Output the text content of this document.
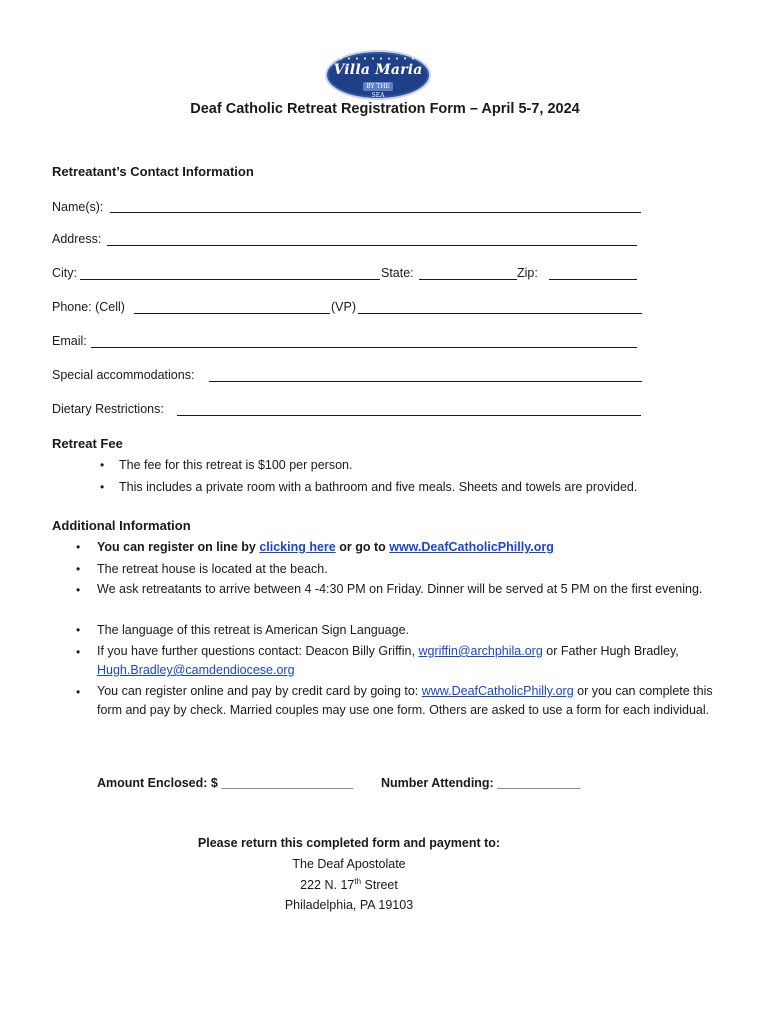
Villa Maria
BY THE SEA
Deaf Catholic Retreat Registration Form – April 5-7, 2024
Retreatant’s Contact Information
Name(s):
Address:
City:	State:	Zip:
Phone: (Cell)	(VP)
Email:
Special accommodations:
Dietary Restrictions:
Retreat Fee
• The fee for this retreat is $100 per person.
• This includes a private room with a bathroom and five meals. Sheets and towels are provided.
Additional Information
• You can register on line by clicking here or go to www.DeafCatholicPhilly.org
• The retreat house is located at the beach.
• We ask retreatants to arrive between 4 -4:30 PM on Friday. Dinner will be served at 5 PM on the first evening.
• The language of this retreat is American Sign Language.
• If you have further questions contact: Deacon Billy Griffin, wgriffin@archphila.org or Father Hugh Bradley, Hugh.Bradley@camdendiocese.org
• You can register online and pay by credit card by going to: www.DeafCatholicPhilly.org or you can complete this form and pay by check. Married couples may use one form. Others are asked to use a form for each individual.
Amount Enclosed: $ ___________________ Number Attending: ____________
Please return this completed form and payment to:
The Deaf Apostolate
222 N. 17th Street
Philadelphia, PA 19103
